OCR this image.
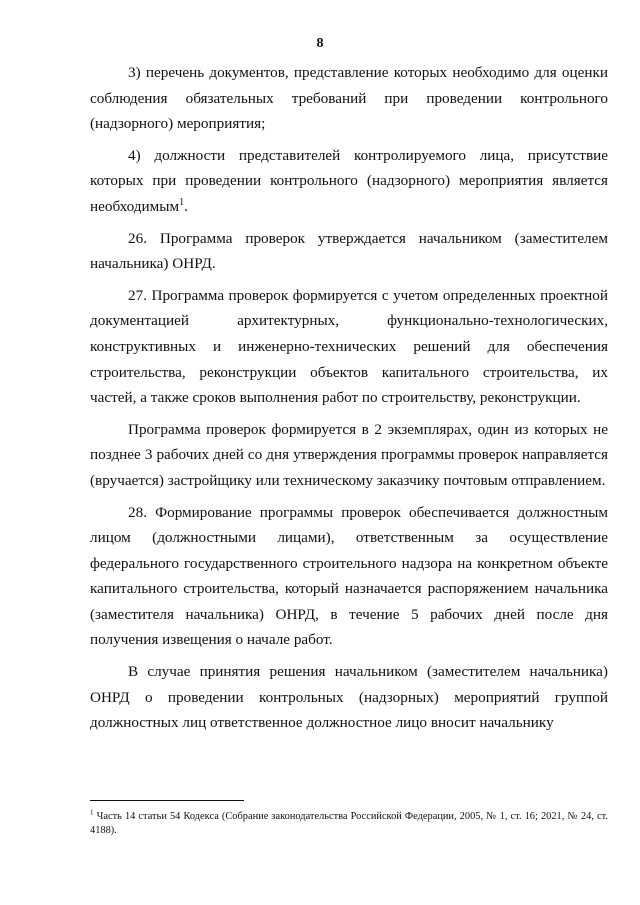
8

3) перечень документов, представление которых необходимо для оценки соблюдения обязательных требований при проведении контрольного (надзорного) мероприятия;

4) должности представителей контролируемого лица, присутствие которых при проведении контрольного (надзорного) мероприятия является необходимым$^1$.

26. Программа проверок утверждается начальником (заместителем начальника) ОНРД.

27. Программа проверок формируется с учетом определенных проектной документацией архитектурных, функционально-технологических, конструктивных и инженерно-технических решений для обеспечения строительства, реконструкции объектов капитального строительства, их частей, а также сроков выполнения работ по строительству, реконструкции.

Программа проверок формируется в 2 экземплярах, один из которых не позднее 3 рабочих дней со дня утверждения программы проверок направляется (вручается) застройщику или техническому заказчику почтовым отправлением.

28. Формирование программы проверок обеспечивается должностным лицом (должностными лицами), ответственным за осуществление федерального государственного строительного надзора на конкретном объекте капитального строительства, который назначается распоряжением начальника (заместителя начальника) ОНРД, в течение 5 рабочих дней после дня получения извещения о начале работ.

В случае принятия решения начальником (заместителем начальника) ОНРД о проведении контрольных (надзорных) мероприятий группой должностных лиц ответственное должностное лицо вносит начальнику

$^1$ Часть 14 статьи 54 Кодекса (Собрание законодательства Российской Федерации, 2005, № 1, ст. 16; 2021, № 24, ст. 4188).
